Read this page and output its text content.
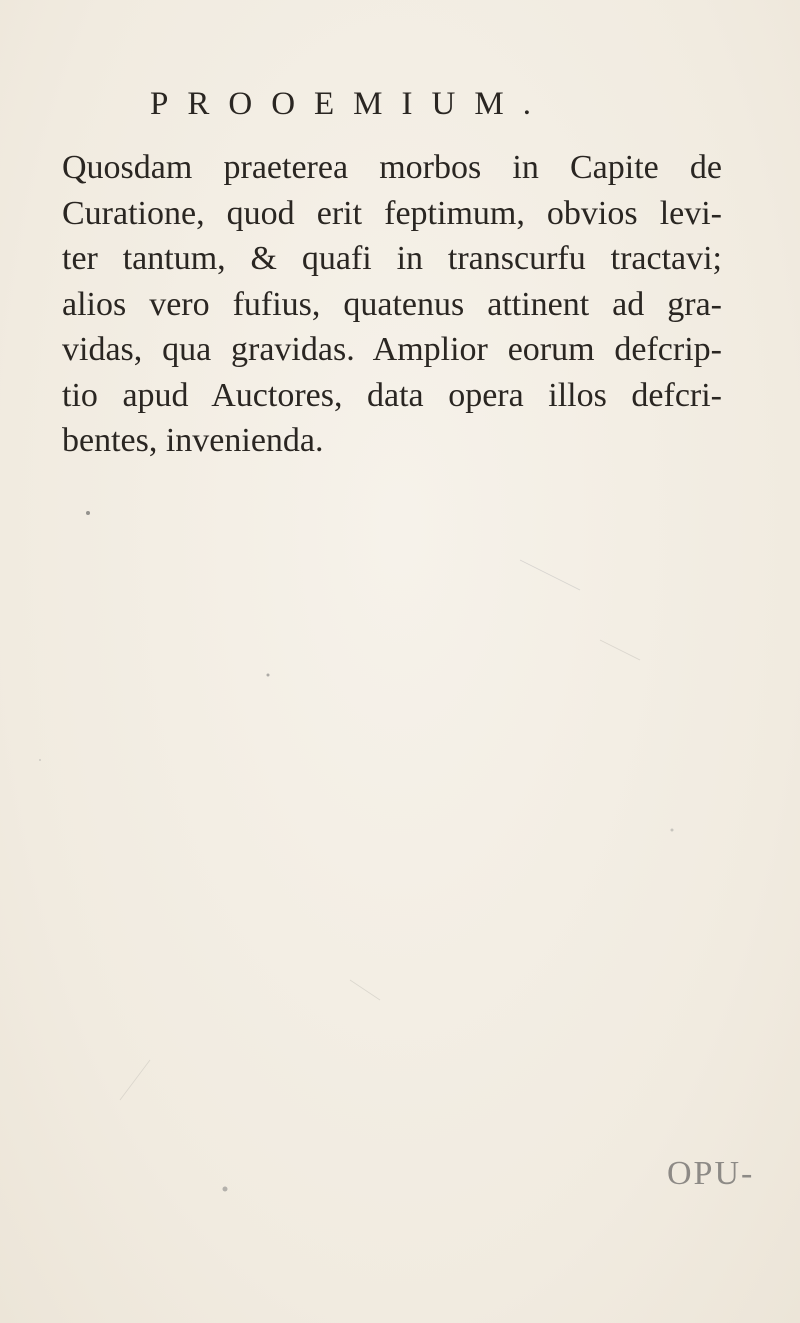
PROOEMIUM.
Quosdam praeterea morbos in Capite de
Curatione, quod erit feptimum, obvios levi-
ter tantum, & quafi in transcurfu tractavi;
alios vero fufius, quatenus attinent ad gra-
vidas, qua gravidas. Amplior eorum defcrip-
tio apud Auctores, data opera illos defcri-
bentes, invenienda.
OPU-
